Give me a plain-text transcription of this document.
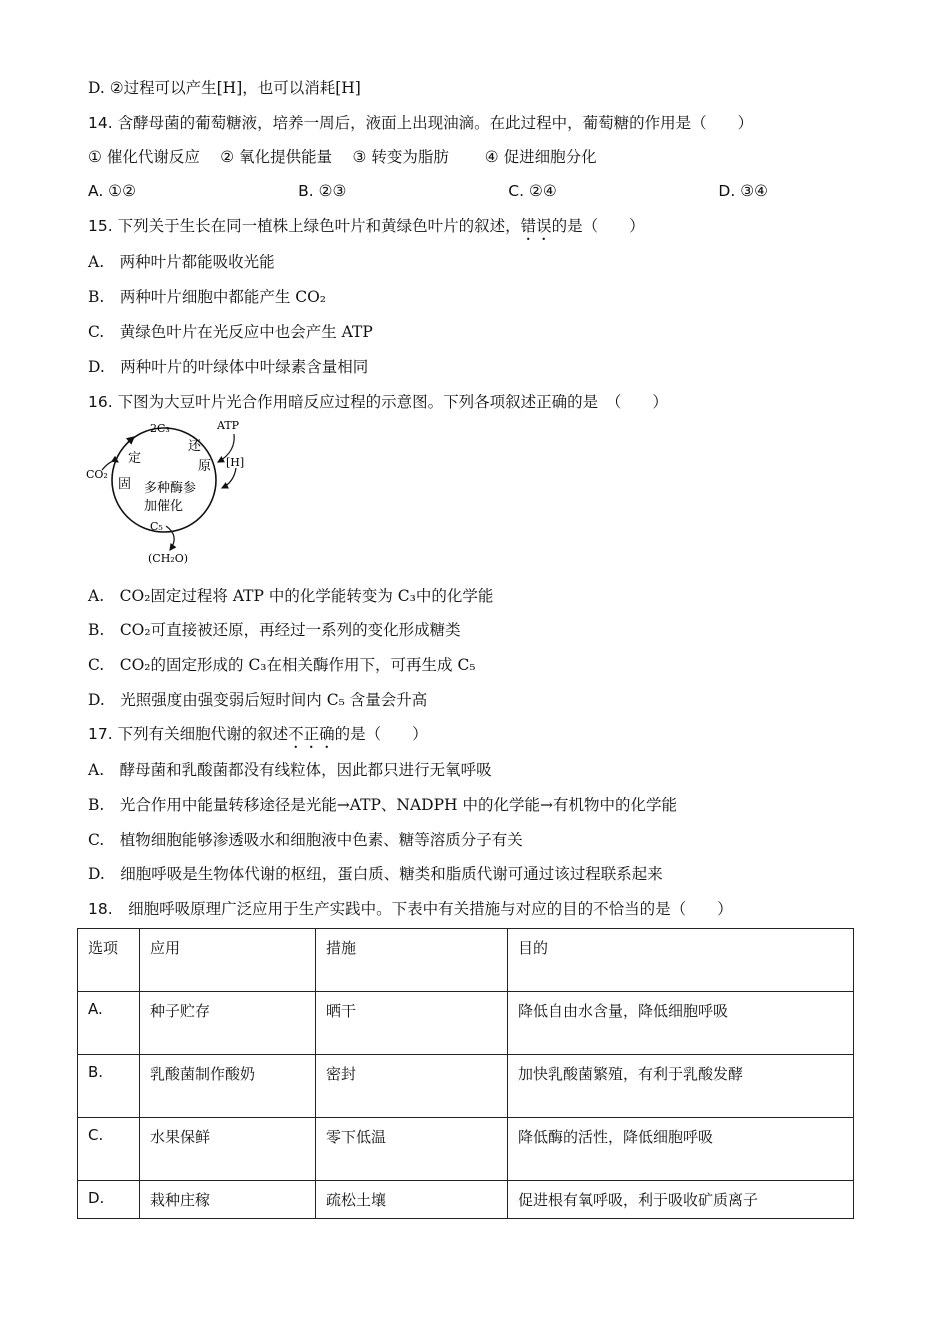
D. ②过程可以产生[H]，也可以消耗[H]
14. 含酵母菌的葡萄糖液，培养一周后，液面上出现油滴。在此过程中，葡萄糖的作用是（　　）
① 催化代谢反应　 ② 氧化提供能量　 ③ 转变为脂肪　　 ④ 促进细胞分化
A. ①②	B. ②③	C. ②④	D. ③④
15. 下列关于生长在同一植株上绿色叶片和黄绿色叶片的叙述，错误的是（　　）
A.　两种叶片都能吸收光能
B.　两种叶片细胞中都能产生 CO₂
C.　黄绿色叶片在光反应中也会产生 ATP
D.　两种叶片的叶绿体中叶绿素含量相同
16. 下图为大豆叶片光合作用暗反应过程的示意图。下列各项叙述正确的是　（　　）
2C₃	ATP
[H]
CO₂
定
固
还
原
多种酶参
加催化
C₅
(CH₂O)
A.　CO₂固定过程将 ATP 中的化学能转变为 C₃中的化学能
B.　CO₂可直接被还原，再经过一系列的变化形成糖类
C.　CO₂的固定形成的 C₃在相关酶作用下，可再生成 C₅
D.　光照强度由强变弱后短时间内 C₅ 含量会升高
17. 下列有关细胞代谢的叙述不正确的是（　　）
A.　酵母菌和乳酸菌都没有线粒体，因此都只进行无氧呼吸
B.　光合作用中能量转移途径是光能→ATP、NADPH 中的化学能→有机物中的化学能
C.　植物细胞能够渗透吸水和细胞液中色素、糖等溶质分子有关
D.　细胞呼吸是生物体代谢的枢纽，蛋白质、糖类和脂质代谢可通过该过程联系起来
18.　细胞呼吸原理广泛应用于生产实践中。下表中有关措施与对应的目的不恰当的是（　　）
选项	应用	措施	目的
A.	种子贮存	晒干	降低自由水含量，降低细胞呼吸
B.	乳酸菌制作酸奶	密封	加快乳酸菌繁殖，有利于乳酸发酵
C.	水果保鲜	零下低温	降低酶的活性，降低细胞呼吸
D.	栽种庄稼	疏松土壤	促进根有氧呼吸，利于吸收矿质离子
